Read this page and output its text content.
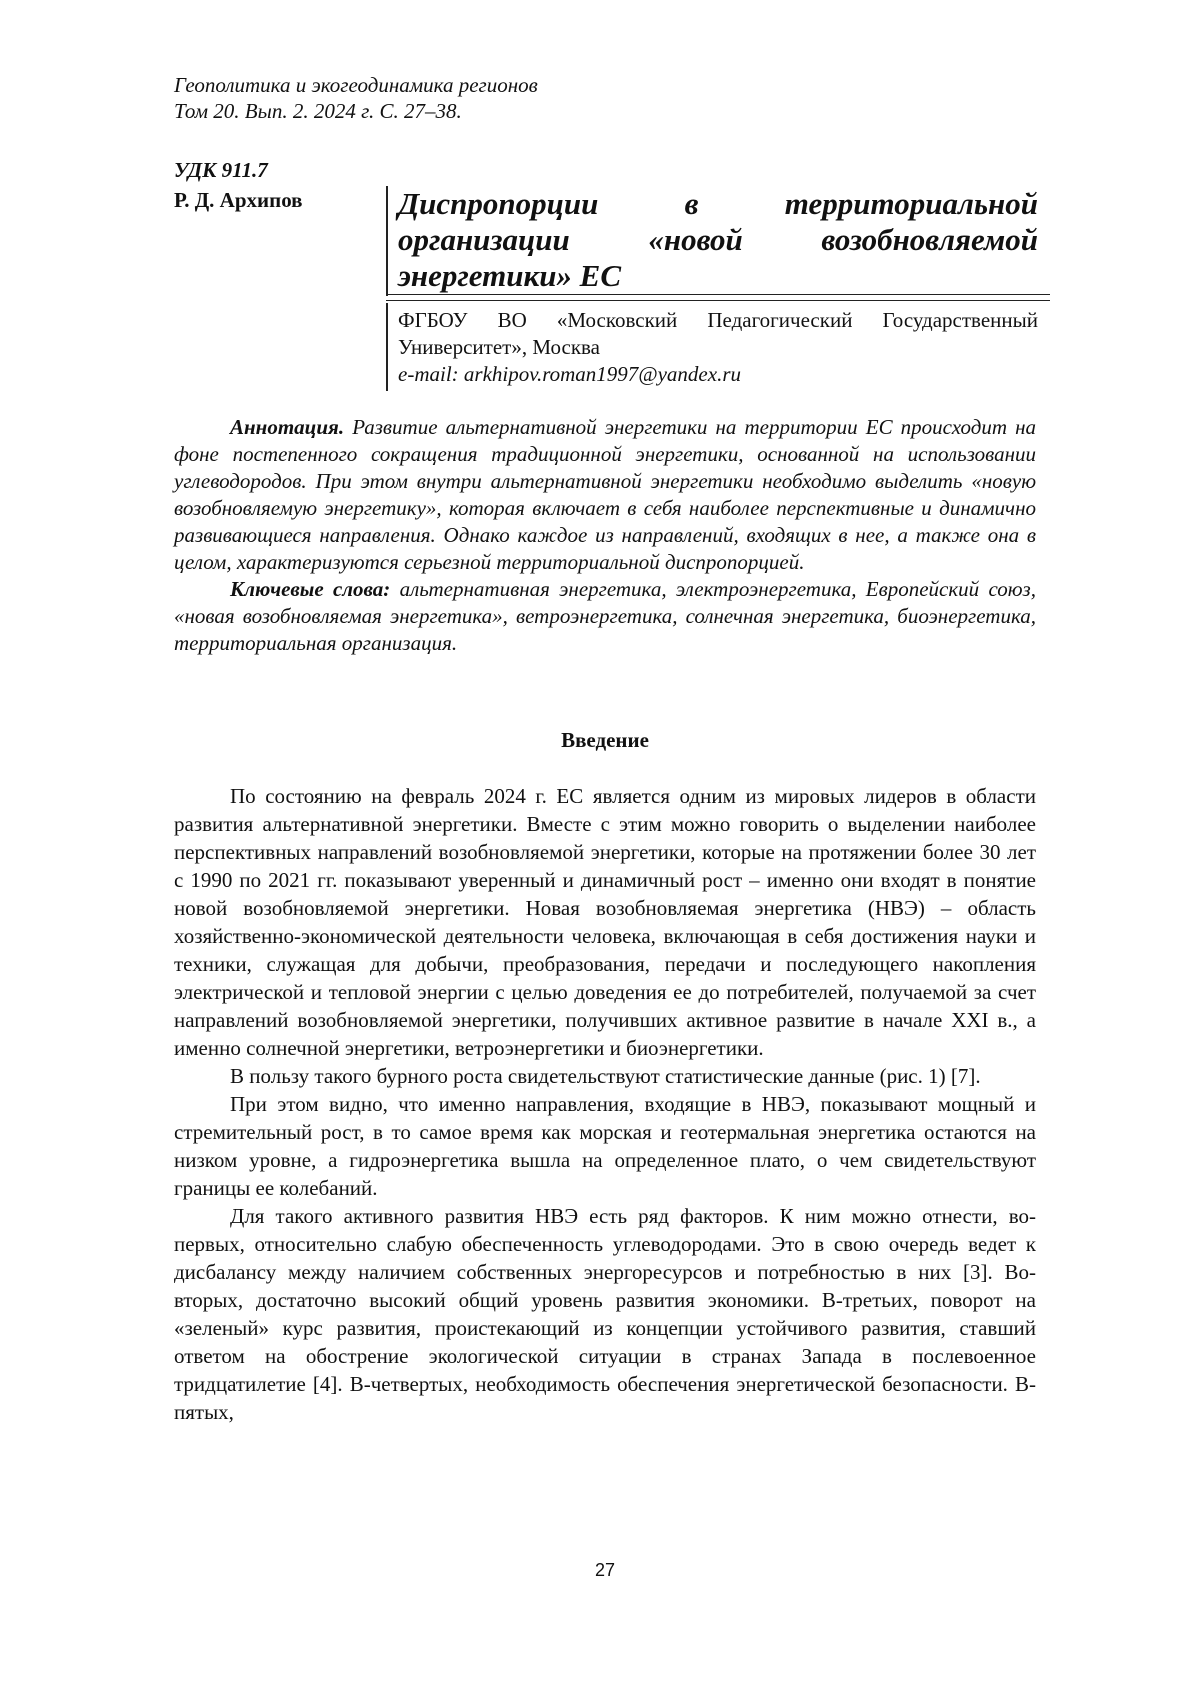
Геополитика и экогеодинамика регионов
Том 20. Вып. 2. 2024 г. С. 27–38.
УДК 911.7
Р. Д. Архипов	Диспропорции в территориальной организации «новой возобновляемой энергетики» ЕС
ФГБОУ ВО «Московский Педагогический Государственный Университет», Москва
e-mail: arkhipov.roman1997@yandex.ru

Аннотация. Развитие альтернативной энергетики на территории ЕС происходит на фоне постепенного сокращения традиционной энергетики, основанной на использовании углеводородов. При этом внутри альтернативной энергетики необходимо выделить «новую возобновляемую энергетику», которая включает в себя наиболее перспективные и динамично развивающиеся направления. Однако каждое из направлений, входящих в нее, а также она в целом, характеризуются серьезной территориальной диспропорцией.

Ключевые слова: альтернативная энергетика, электроэнергетика, Европейский союз, «новая возобновляемая энергетика», ветроэнергетика, солнечная энергетика, биоэнергетика, территориальная организация.

Введение

По состоянию на февраль 2024 г. ЕС является одним из мировых лидеров в области развития альтернативной энергетики. Вместе с этим можно говорить о выделении наиболее перспективных направлений возобновляемой энергетики, которые на протяжении более 30 лет с 1990 по 2021 гг. показывают уверенный и динамичный рост – именно они входят в понятие новой возобновляемой энергетики. Новая возобновляемая энергетика (НВЭ) – область хозяйственно-экономической деятельности человека, включающая в себя достижения науки и техники, служащая для добычи, преобразования, передачи и последующего накопления электрической и тепловой энергии с целью доведения ее до потребителей, получаемой за счет направлений возобновляемой энергетики, получивших активное развитие в начале XXI в., а именно солнечной энергетики, ветроэнергетики и биоэнергетики.

В пользу такого бурного роста свидетельствуют статистические данные (рис. 1) [7].

При этом видно, что именно направления, входящие в НВЭ, показывают мощный и стремительный рост, в то самое время как морская и геотермальная энергетика остаются на низком уровне, а гидроэнергетика вышла на определенное плато, о чем свидетельствуют границы ее колебаний.

Для такого активного развития НВЭ есть ряд факторов. К ним можно отнести, во-первых, относительно слабую обеспеченность углеводородами. Это в свою очередь ведет к дисбалансу между наличием собственных энергоресурсов и потребностью в них [3]. Во-вторых, достаточно высокий общий уровень развития экономики. В-третьих, поворот на «зеленый» курс развития, проистекающий из концепции устойчивого развития, ставший ответом на обострение экологической ситуации в странах Запада в послевоенное тридцатилетие [4]. В-четвертых, необходимость обеспечения энергетической безопасности. В-пятых,

27
